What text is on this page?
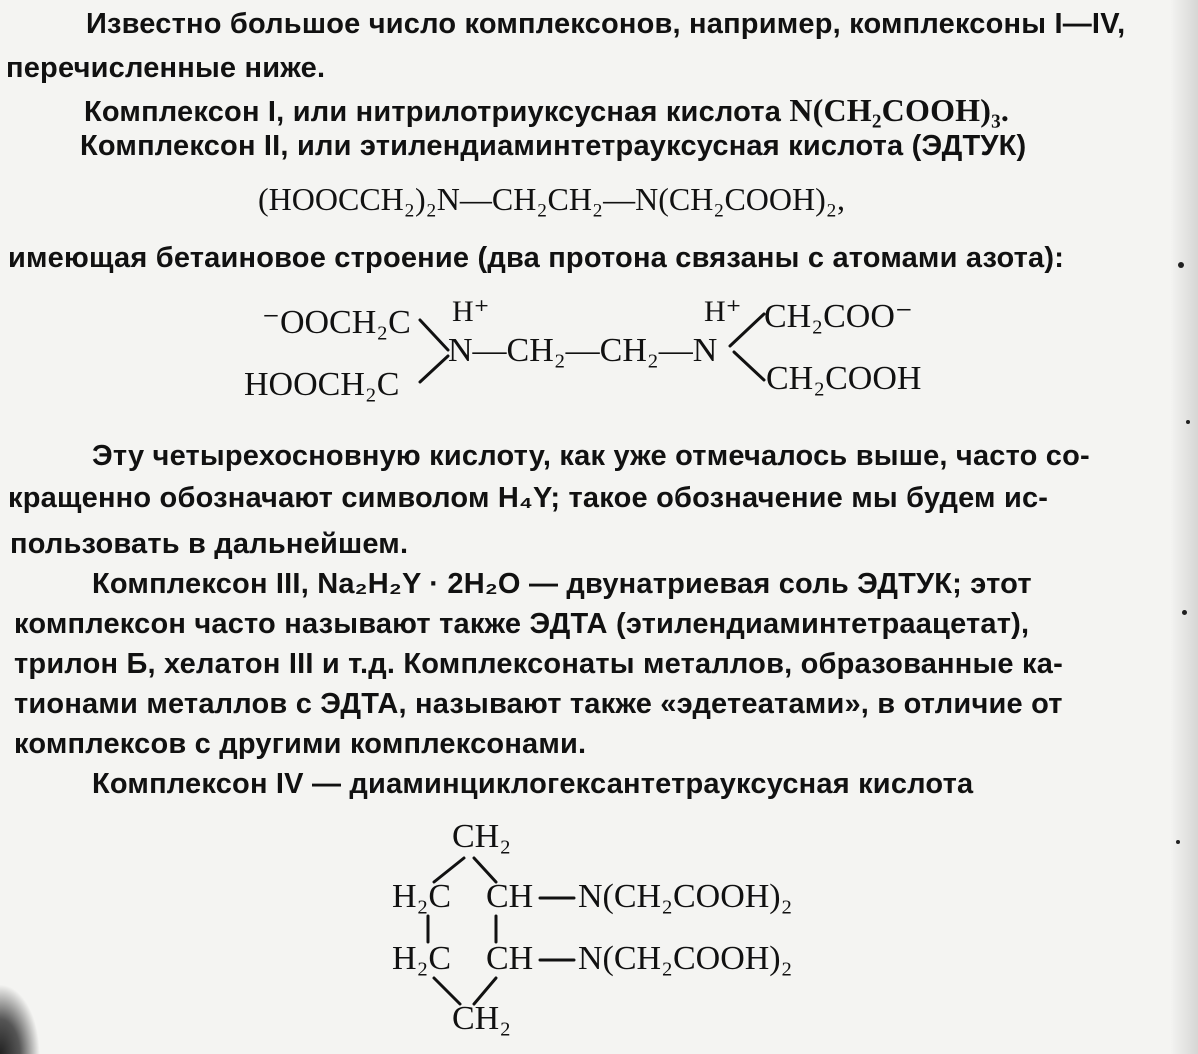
Известно большое число комплексонов, например, комплексоны I—IV,
перечисленные ниже.
Комплексон I, или нитрилотриуксусная кислота N(CH₂COOH)₃.
Комплексон II, или этилендиаминтетрауксусная кислота (ЭДТУК)
(HOOCCH₂)₂N—CH₂CH₂—N(CH₂COOH)₂,
имеющая бетаиновое строение (два протона связаны с атомами азота):
⁻OOCH₂C
HOOCH₂C
H⁺	H⁺
N—CH₂—CH₂—N
CH₂COO⁻
CH₂COOH
Эту четырехосновную кислоту, как уже отмечалось выше, часто со-
кращенно обозначают символом H₄Y; такое обозначение мы будем ис-
пользовать в дальнейшем.
Комплексон III, Na₂H₂Y · 2H₂O — двунатриевая соль ЭДТУК; этот
комплексон часто называют также ЭДТА (этилендиаминтетраацетат),
трилон Б, хелатон III и т.д. Комплексонаты металлов, образованные ка-
тионами металлов с ЭДТА, называют также «эдетеатами», в отличие от
комплексов с другими комплексонами.
Комплексон IV — диаминциклогексантетрауксусная кислота
CH₂
H₂C
H₂C
CH
CH
N(CH₂COOH)₂
N(CH₂COOH)₂
CH₂
